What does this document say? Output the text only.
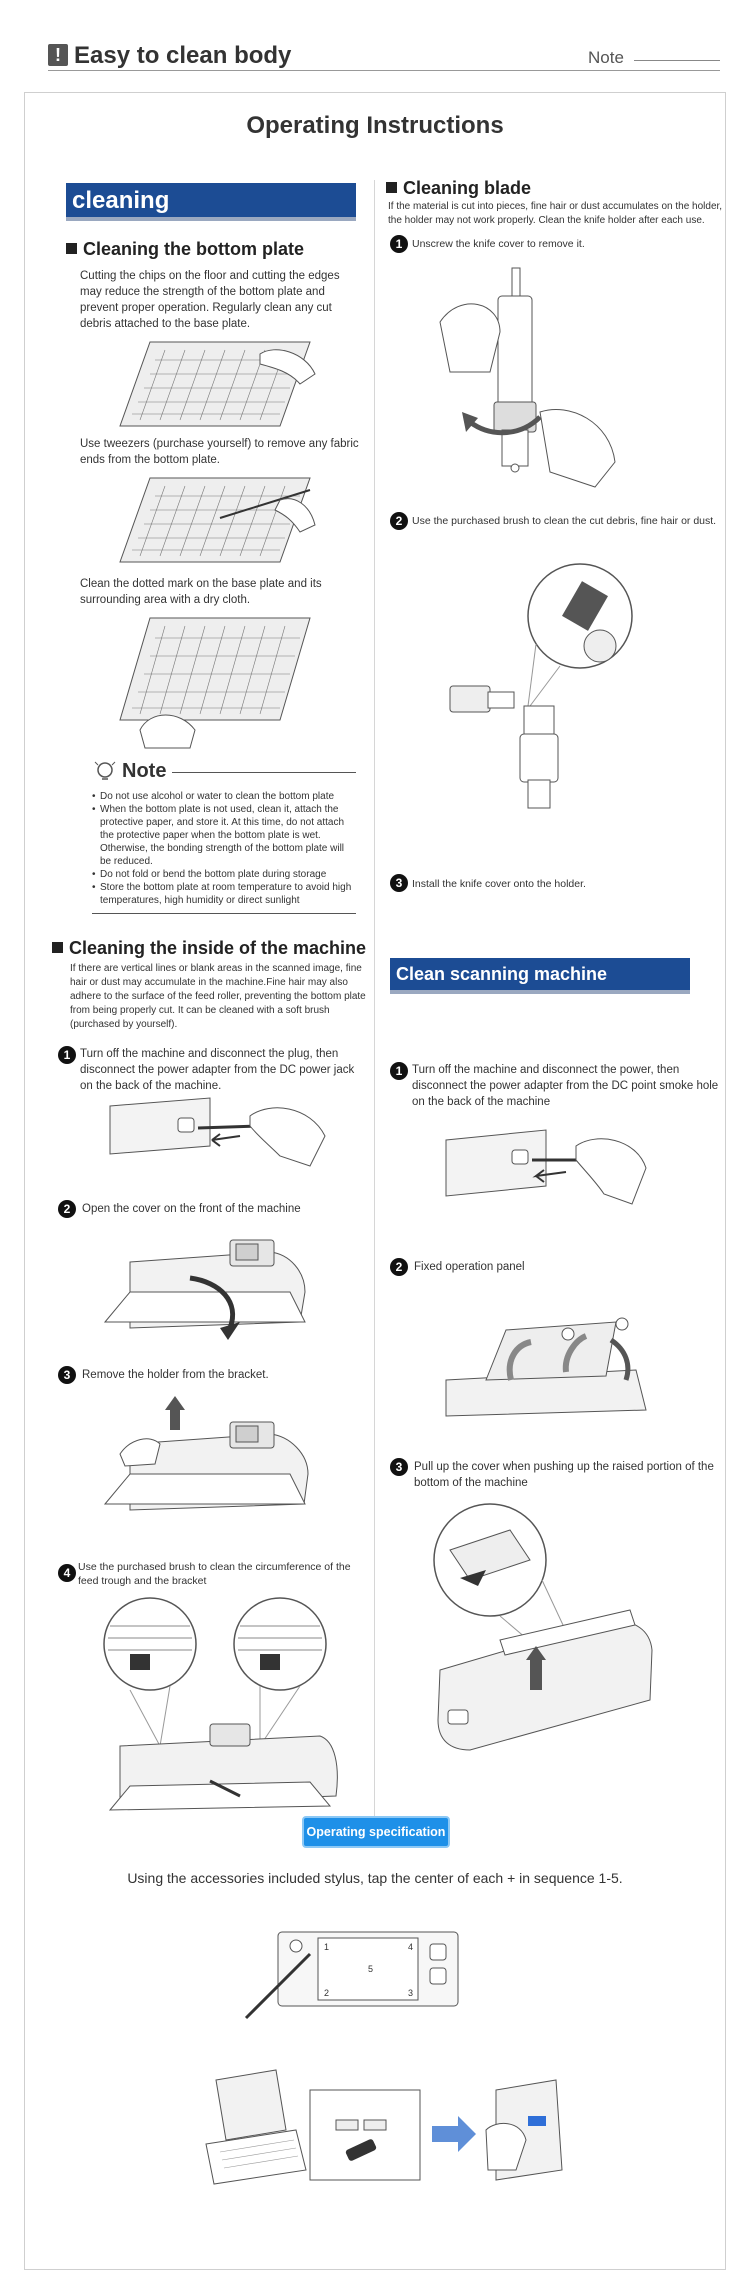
! Easy to clean body	Note
Operating Instructions
cleaning
Cleaning the bottom plate
Cutting the chips on the floor and cutting the edges may reduce the strength of the bottom plate and prevent proper operation. Regularly clean any cut debris attached to the base plate.
Use tweezers (purchase yourself) to remove any fabric ends from the bottom plate.
Clean the dotted mark on the base plate and its surrounding area with a dry cloth.
Note
• Do not use alcohol or water to clean the bottom plate
• When the bottom plate is not used, clean it, attach the protective paper, and store it. At this time, do not attach the protective paper when the bottom plate is wet. Otherwise, the bonding strength of the bottom plate will be reduced.
• Do not fold or bend the bottom plate during storage
• Store the bottom plate at room temperature to avoid high temperatures, high humidity or direct sunlight
Cleaning the inside of the machine
If there are vertical lines or blank areas in the scanned image, fine hair or dust may accumulate in the machine.Fine hair may also adhere to the surface of the feed roller, preventing the bottom plate from being properly cut. It can be cleaned with a soft brush (purchased by yourself).
1 Turn off the machine and disconnect the plug, then disconnect the power adapter from the DC power jack on the back of the machine.
2	Open the cover on the front of the machine
3	Remove the holder from the bracket.
4 Use the purchased brush to clean the circumference of the feed trough and the bracket
Cleaning blade
If the material is cut into pieces, fine hair or dust accumulates on the holder, the holder may not work properly. Clean the knife holder after each use.
1 Unscrew the knife cover to remove it.
2 Use the purchased brush to clean the cut debris, fine hair or dust.
3 Install the knife cover onto the holder.
Clean scanning machine
1 Turn off the machine and disconnect the power, then disconnect the power adapter from the DC point smoke hole on the back of the machine
2	Fixed operation panel
3	Pull up the cover when pushing up the raised portion of the bottom of the machine
Operating specification
Using the accessories included stylus, tap the center of each + in sequence 1-5.
1	4
5
2	3
